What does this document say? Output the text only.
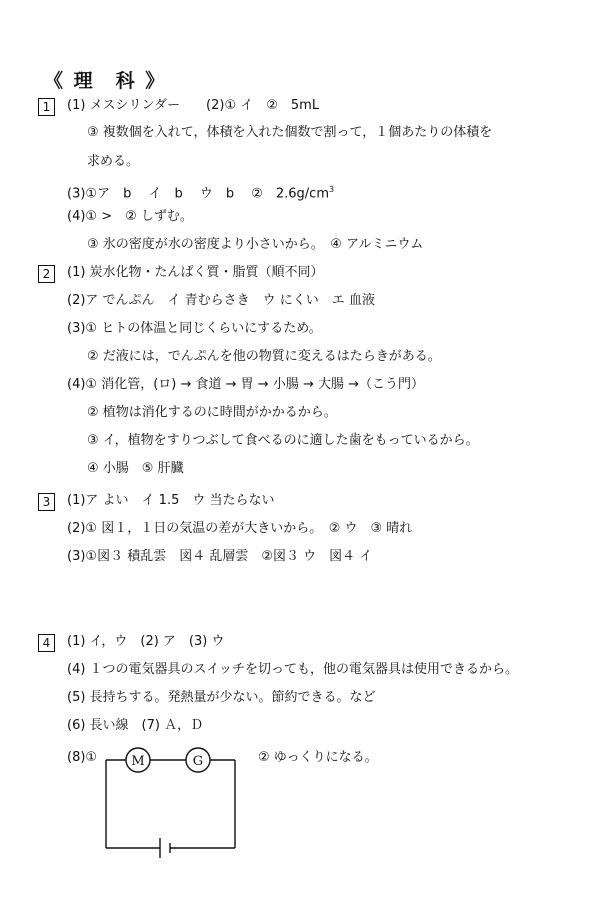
《 理　科 》
1	(1) メスシリンダー　　(2)① イ　②　5mL
③ 複数個を入れて，体積を入れた個数で割って，１個あたりの体積を
求める。
(3)①ア　b　 イ　b　 ウ　b　 ②　$2.6g/cm^3$
(4)① >　② しずむ。
③ 氷の密度が水の密度より小さいから。　④ アルミニウム
2	(1) 炭水化物・たんぱく質・脂質（順不同）
(2)ア でんぷん　イ 青むらさき　ウ にくい　エ 血液
(3)① ヒトの体温と同じくらいにするため。
② だ液には，でんぷんを他の物質に変えるはたらきがある。
(4)① 消化管，(ロ) → 食道 → 胃 → 小腸 → 大腸 →（こう門）
② 植物は消化するのに時間がかかるから。
③ イ，植物をすりつぶして食べるのに適した歯をもっているから。
④ 小腸　⑤ 肝臓
3	(1)ア よい　イ 1.5　ウ 当たらない
(2)① 図１，１日の気温の差が大きいから。　② ウ　③ 晴れ
(3)①図３ 積乱雲　図４ 乱層雲　②図３ ウ　図４ イ
4	(1) イ，ウ　(2) ア　(3) ウ
(4) １つの電気器具のスイッチを切っても，他の電気器具は使用できるから。
(5) 長持ちする。発熱量が少ない。節約できる。など
(6) 長い線　(7) Ａ，Ｄ
(8)①	② ゆっくりになる。
M	G
